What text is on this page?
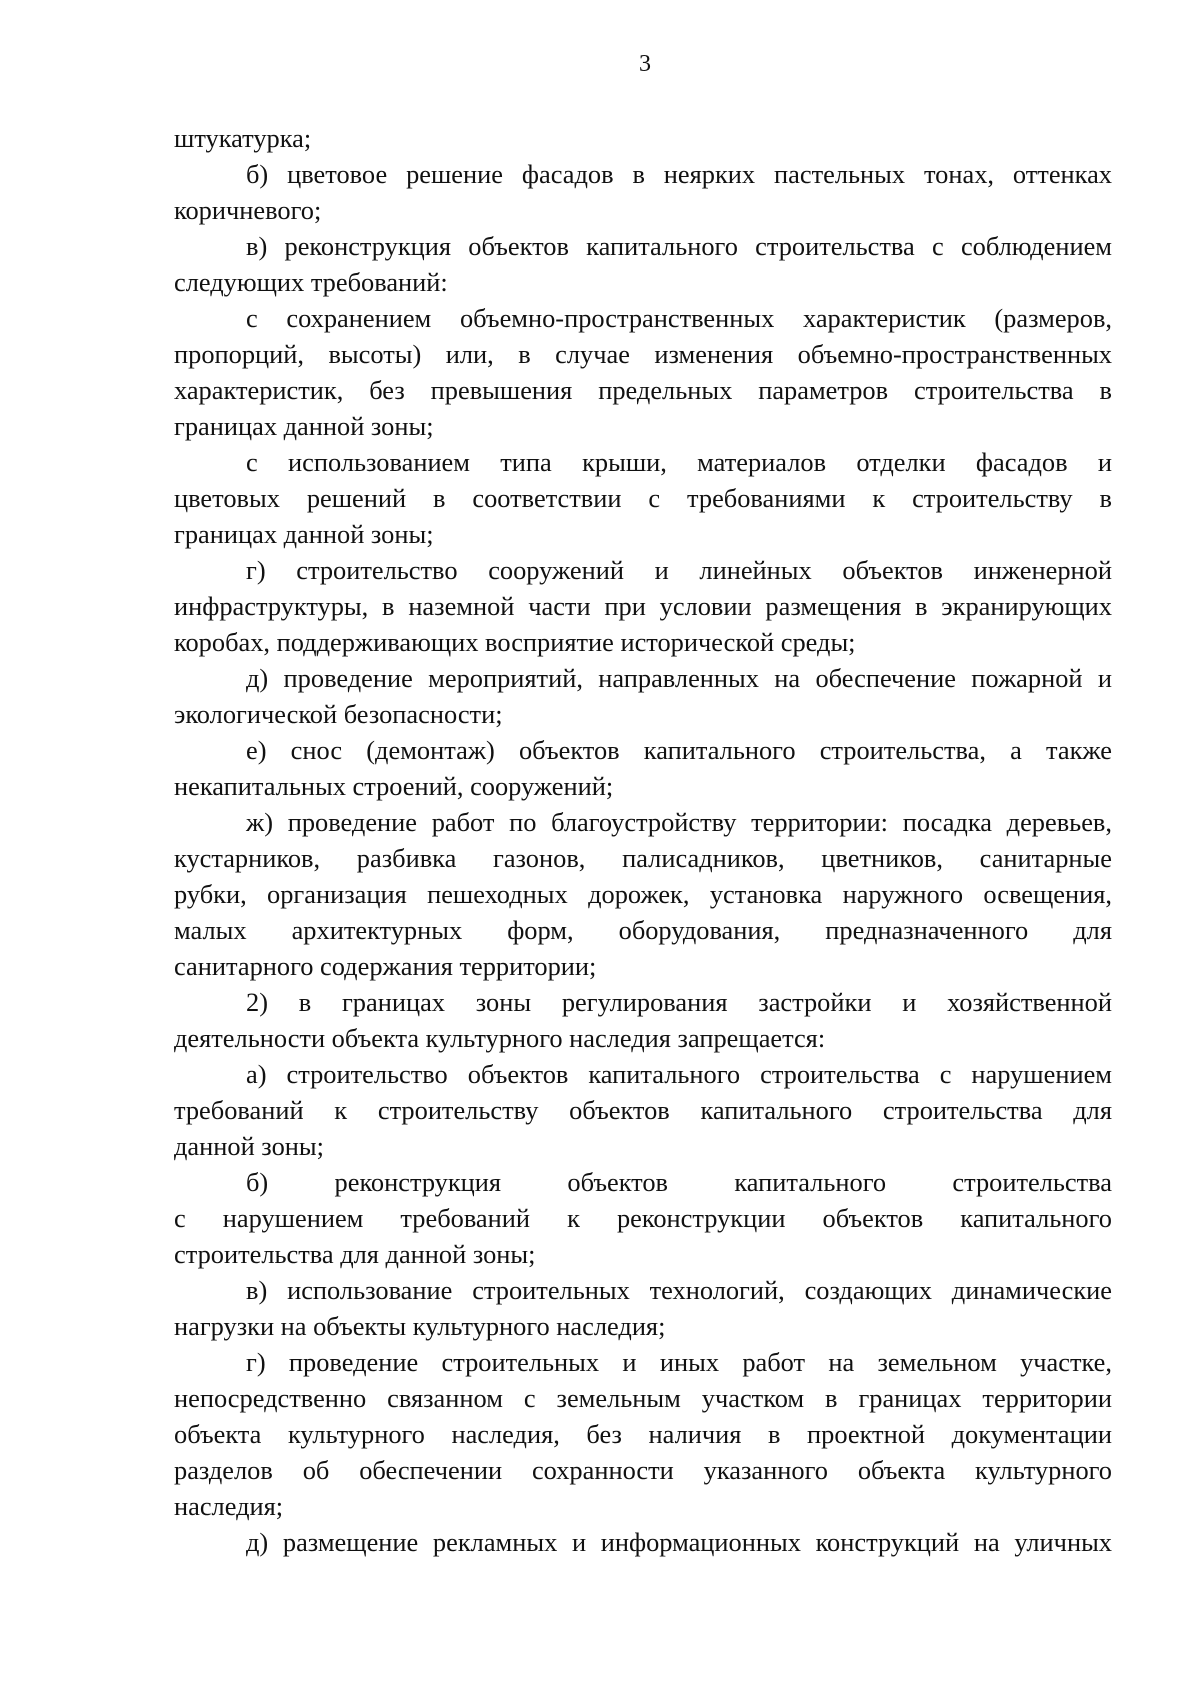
3
штукатурка;
б) цветовое решение фасадов в неярких пастельных тонах, оттенках
коричневого;
в) реконструкция объектов капитального строительства с соблюдением
следующих требований:
с сохранением объемно-пространственных характеристик (размеров,
пропорций, высоты) или, в случае изменения объемно-пространственных
характеристик, без превышения предельных параметров строительства в
границах данной зоны;
с использованием типа крыши, материалов отделки фасадов и
цветовых решений в соответствии с требованиями к строительству в
границах данной зоны;
г) строительство сооружений и линейных объектов инженерной
инфраструктуры, в наземной части при условии размещения в экранирующих
коробах, поддерживающих восприятие исторической среды;
д) проведение мероприятий, направленных на обеспечение пожарной и
экологической безопасности;
е) снос (демонтаж) объектов капитального строительства, а также
некапитальных строений, сооружений;
ж) проведение работ по благоустройству территории: посадка деревьев,
кустарников, разбивка газонов, палисадников, цветников, санитарные
рубки, организация пешеходных дорожек, установка наружного освещения,
малых архитектурных форм, оборудования, предназначенного для
санитарного содержания территории;
2) в границах зоны регулирования застройки и хозяйственной
деятельности объекта культурного наследия запрещается:
а) строительство объектов капитального строительства с нарушением
требований к строительству объектов капитального строительства для
данной зоны;
б) реконструкция объектов капитального строительства
с нарушением требований к реконструкции объектов капитального
строительства для данной зоны;
в) использование строительных технологий, создающих динамические
нагрузки на объекты культурного наследия;
г) проведение строительных и иных работ на земельном участке,
непосредственно связанном с земельным участком в границах территории
объекта культурного наследия, без наличия в проектной документации
разделов об обеспечении сохранности указанного объекта культурного
наследия;
д) размещение рекламных и информационных конструкций на уличных
